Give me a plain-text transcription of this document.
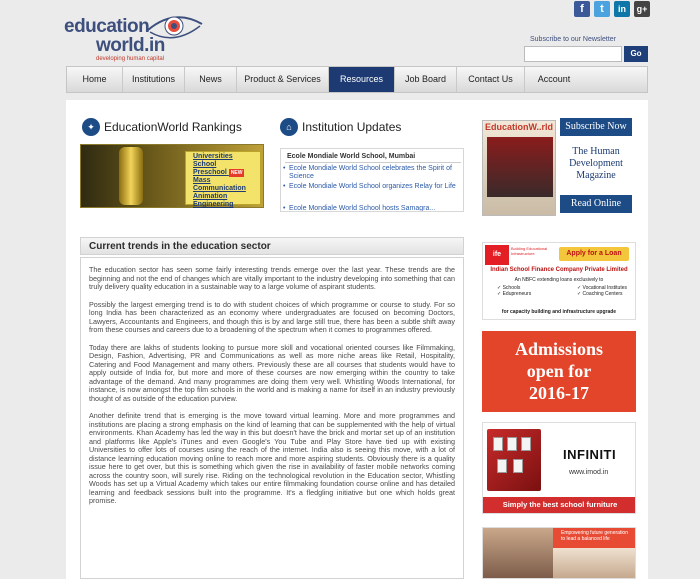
education
world.in
developing human capital
f	t	in	g+
Subscribe to our Newsletter
Go
Home	Institutions	News	Product & Services	Resources	Job Board	Contact Us	Account
✦ EducationWorld Rankings
Universities
School
Preschool NEW
Mass Communication
Animation
Engineering
⌂ Institution Updates
Ecole Mondiale World School, Mumbai
• Ecole Mondiale World School celebrates the Spirit of Science
• Ecole Mondiale World School organizes Relay for Life
• Ecole Mondiale World School hosts Samagra...
EducationW..rld	Subscribe Now
The Human
Development
Magazine
Read Online
ife
Building Educational Infrastructure	Apply for a Loan
Indian School Finance Company Private Limited
An NBFC extending loans exclusively to
✓ Schools
✓ Edupreneurs
✓ Vocational Institutes
✓ Coaching Centers
for capacity building and infrastructure upgrade
Admissions
open for
2016-17
INFINITI
www.imod.in
Simply the best school furniture
Empowering future generation to lead a balanced life
Current trends in the education sector

The education sector has seen some fairly interesting trends emerge over the last year. These trends are the beginning and not the end of changes which are vitally important to the industry developing into something that can truly delivery quality education in a sustainable way to a large volume of aspirant students.

Possibly the largest emerging trend is to do with student choices of which programme or course to study. For so long India has been characterized as an economy where undergraduates are focused on becoming Doctors, Lawyers, Accountants and Engineers, and though this is by and large still true, there has been a subtle shift away from these courses and careers due to a broadening of the spectrum when it comes to programmes offered.

Today there are lakhs of students looking to pursue more skill and vocational oriented courses like Filmmaking, Design, Fashion, Advertising, PR and Communications as well as more niche areas like Retail, Hospitality, Catering and Food Management and many others. Previously these are all courses that students would have to apply outside of India for, but more and more of these courses are now emerging within the country to take advantage of the demand. And many programmes are doing them very well. Whistling Woods International, for instance, is now amongst the top film schools in the world and is making a name for itself in an industry previously thought of as outside of the education purview.

Another definite trend that is emerging is the move toward virtual learning. More and more programmes and institutions are placing a strong emphasis on the kind of learning that can be supplemented with the help of virtual environments. Khan Academy has led the way in this but doesn't have the brick and mortar set up of an institution and platforms like Apple's iTunes and even Google's You Tube and Play Store have tied up with existing Universities to offer lots of courses using the reach of the internet. India also is seeing this move, with a lot of distance learning education moving online to reach more and more aspiring students. Obviously there is a quality issue here to get over, but this is something which given the rise in availability of faster mobile networks coming across the country soon, will surely rise. Riding on the technological revolution in the Education sector, Whistling Woods has set up a Virtual Academy which takes our entire filmmaking foundation course online and has detailed learning and feedback sessions built into the programme. It's a fledgling initiative but one which holds great promise.
